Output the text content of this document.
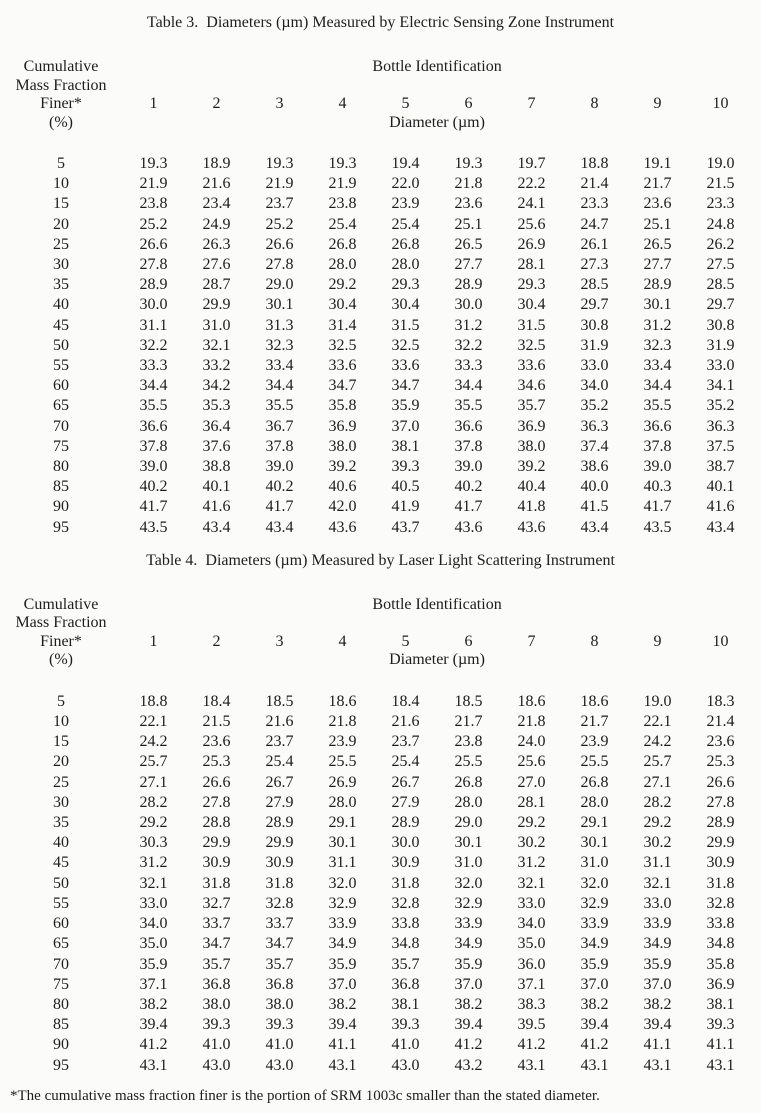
Table 3.  Diameters (µm) Measured by Electric Sensing Zone Instrument
Cumulative	Bottle Identification									
Mass Fraction										
Finer*	1	2	3	4	5	6	7	8	9	10
(%)	Diameter (µm)									
5	19.3	18.9	19.3	19.3	19.4	19.3	19.7	18.8	19.1	19.0
10	21.9	21.6	21.9	21.9	22.0	21.8	22.2	21.4	21.7	21.5
15	23.8	23.4	23.7	23.8	23.9	23.6	24.1	23.3	23.6	23.3
20	25.2	24.9	25.2	25.4	25.4	25.1	25.6	24.7	25.1	24.8
25	26.6	26.3	26.6	26.8	26.8	26.5	26.9	26.1	26.5	26.2
30	27.8	27.6	27.8	28.0	28.0	27.7	28.1	27.3	27.7	27.5
35	28.9	28.7	29.0	29.2	29.3	28.9	29.3	28.5	28.9	28.5
40	30.0	29.9	30.1	30.4	30.4	30.0	30.4	29.7	30.1	29.7
45	31.1	31.0	31.3	31.4	31.5	31.2	31.5	30.8	31.2	30.8
50	32.2	32.1	32.3	32.5	32.5	32.2	32.5	31.9	32.3	31.9
55	33.3	33.2	33.4	33.6	33.6	33.3	33.6	33.0	33.4	33.0
60	34.4	34.2	34.4	34.7	34.7	34.4	34.6	34.0	34.4	34.1
65	35.5	35.3	35.5	35.8	35.9	35.5	35.7	35.2	35.5	35.2
70	36.6	36.4	36.7	36.9	37.0	36.6	36.9	36.3	36.6	36.3
75	37.8	37.6	37.8	38.0	38.1	37.8	38.0	37.4	37.8	37.5
80	39.0	38.8	39.0	39.2	39.3	39.0	39.2	38.6	39.0	38.7
85	40.2	40.1	40.2	40.6	40.5	40.2	40.4	40.0	40.3	40.1
90	41.7	41.6	41.7	42.0	41.9	41.7	41.8	41.5	41.7	41.6
95	43.5	43.4	43.4	43.6	43.7	43.6	43.6	43.4	43.5	43.4
Table 4.  Diameters (µm) Measured by Laser Light Scattering Instrument
Cumulative	Bottle Identification									
Mass Fraction										
Finer*	1	2	3	4	5	6	7	8	9	10
(%)	Diameter (µm)									
5	18.8	18.4	18.5	18.6	18.4	18.5	18.6	18.6	19.0	18.3
10	22.1	21.5	21.6	21.8	21.6	21.7	21.8	21.7	22.1	21.4
15	24.2	23.6	23.7	23.9	23.7	23.8	24.0	23.9	24.2	23.6
20	25.7	25.3	25.4	25.5	25.4	25.5	25.6	25.5	25.7	25.3
25	27.1	26.6	26.7	26.9	26.7	26.8	27.0	26.8	27.1	26.6
30	28.2	27.8	27.9	28.0	27.9	28.0	28.1	28.0	28.2	27.8
35	29.2	28.8	28.9	29.1	28.9	29.0	29.2	29.1	29.2	28.9
40	30.3	29.9	29.9	30.1	30.0	30.1	30.2	30.1	30.2	29.9
45	31.2	30.9	30.9	31.1	30.9	31.0	31.2	31.0	31.1	30.9
50	32.1	31.8	31.8	32.0	31.8	32.0	32.1	32.0	32.1	31.8
55	33.0	32.7	32.8	32.9	32.8	32.9	33.0	32.9	33.0	32.8
60	34.0	33.7	33.7	33.9	33.8	33.9	34.0	33.9	33.9	33.8
65	35.0	34.7	34.7	34.9	34.8	34.9	35.0	34.9	34.9	34.8
70	35.9	35.7	35.7	35.9	35.7	35.9	36.0	35.9	35.9	35.8
75	37.1	36.8	36.8	37.0	36.8	37.0	37.1	37.0	37.0	36.9
80	38.2	38.0	38.0	38.2	38.1	38.2	38.3	38.2	38.2	38.1
85	39.4	39.3	39.3	39.4	39.3	39.4	39.5	39.4	39.4	39.3
90	41.2	41.0	41.0	41.1	41.0	41.2	41.2	41.2	41.1	41.1
95	43.1	43.0	43.0	43.1	43.0	43.2	43.1	43.1	43.1	43.1
*The cumulative mass fraction finer is the portion of SRM 1003c smaller than the stated diameter.
